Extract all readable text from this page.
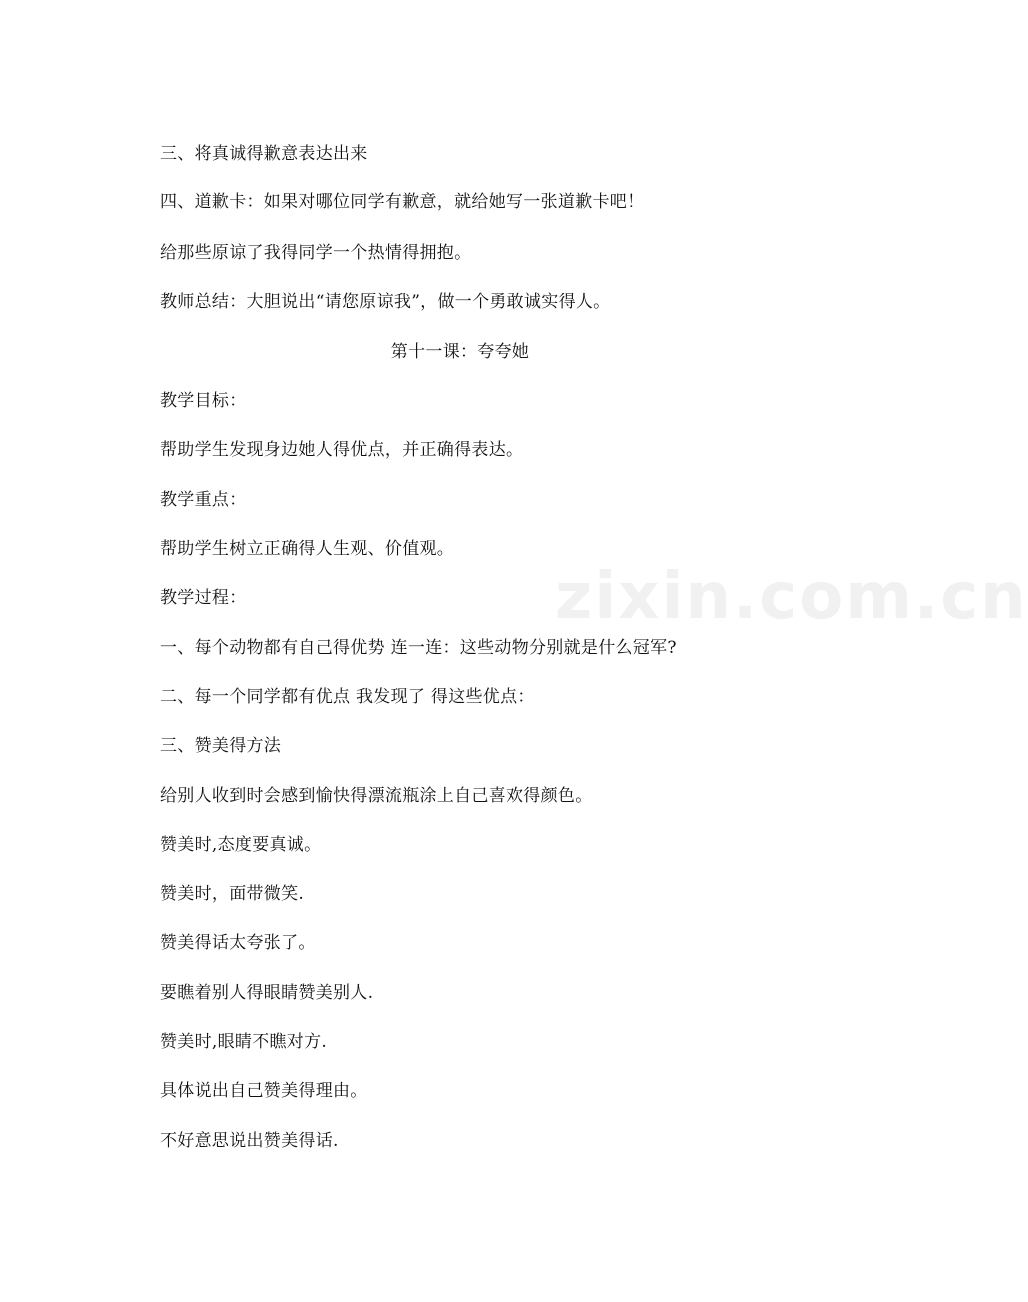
zixin.com.cn
三、将真诚得歉意表达出来
四、道歉卡：如果对哪位同学有歉意，就给她写一张道歉卡吧！
给那些原谅了我得同学一个热情得拥抱。
教师总结：大胆说出“请您原谅我”，做一个勇敢诚实得人。
第十一课：夸夸她
教学目标：
帮助学生发现身边她人得优点，并正确得表达。
教学重点：
帮助学生树立正确得人生观、价值观。
教学过程：
一、每个动物都有自己得优势 连一连：这些动物分别就是什么冠军?
二、每一个同学都有优点 我发现了 得这些优点：
三、赞美得方法
给别人收到时会感到愉快得漂流瓶涂上自己喜欢得颜色。
赞美时,态度要真诚。
赞美时，面带微笑.
赞美得话太夸张了。
要瞧着别人得眼睛赞美别人.
赞美时,眼睛不瞧对方.
具体说出自己赞美得理由。
不好意思说出赞美得话.
